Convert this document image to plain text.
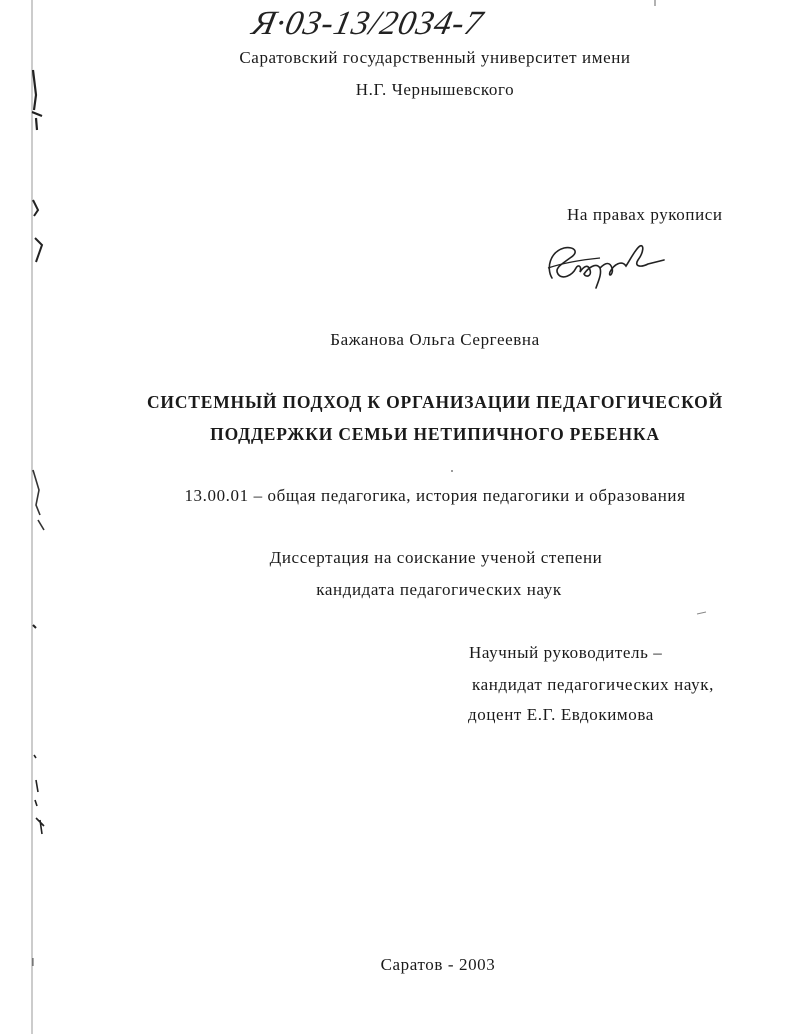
Я·03-13/2034-7
Саратовский государственный университет имени
Н.Г. Чернышевского
На правах рукописи
Бажанова Ольга Сергеевна
СИСТЕМНЫЙ ПОДХОД К ОРГАНИЗАЦИИ ПЕДАГОГИЧЕСКОЙ
ПОДДЕРЖКИ СЕМЬИ НЕТИПИЧНОГО РЕБЕНКА
13.00.01 – общая педагогика, история педагогики и образования
Диссертация на соискание ученой степени
кандидата педагогических наук
Научный руководитель –
кандидат педагогических наук,
доцент Е.Г. Евдокимова
Саратов - 2003
